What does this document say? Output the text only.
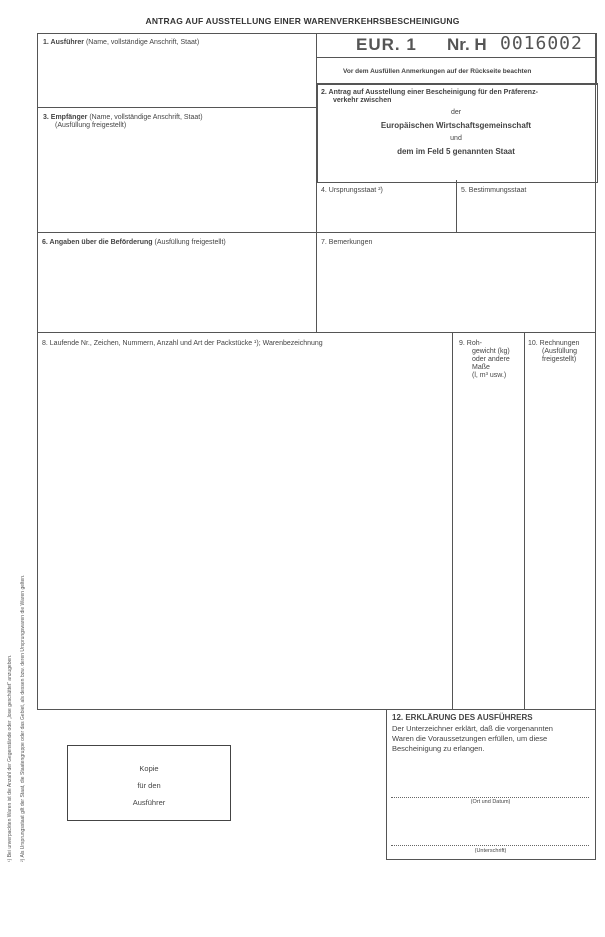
ANTRAG AUF AUSSTELLUNG EINER WARENVERKEHRSBESCHEINIGUNG
EUR. 1 Nr. H 0016002
Vor dem Ausfüllen Anmerkungen auf der Rückseite beachten
1. Ausführer (Name, vollständige Anschrift, Staat)
2. Antrag auf Ausstellung einer Bescheinigung für den Präferenz-
verkehr zwischen
der
Europäischen Wirtschaftsgemeinschaft
und
dem im Feld 5 genannten Staat
3. Empfänger (Name, vollständige Anschrift, Staat)
(Ausfüllung freigestellt)
4. Ursprungsstaat ²)	5. Bestimmungsstaat
6. Angaben über die Beförderung (Ausfüllung freigestellt)	7. Bemerkungen
8. Laufende Nr., Zeichen, Nummern, Anzahl und Art der Packstücke ¹); Warenbezeichnung	9. Roh-
gewicht (kg)
oder andere
Maße
(l, m³ usw.)
10. Rechnungen
(Ausfüllung
freigestellt)
12. ERKLÄRUNG DES AUSFÜHRERS
Der Unterzeichner erklärt, daß die vorgenannten
Waren die Voraussetzungen erfüllen, um diese
Bescheinigung zu erlangen.
(Ort und Datum)
(Unterschrift)
Kopie
für den
Ausführer
¹) Bei unverpackten Waren ist die Anzahl der Gegenstände oder „lose geschüttet“ anzugeben. ²) Als Ursprungsstaat gilt der Staat, die Staatengruppe oder das Gebiet, als dessen bzw. deren Ursprungswaren die Waren gelten.
